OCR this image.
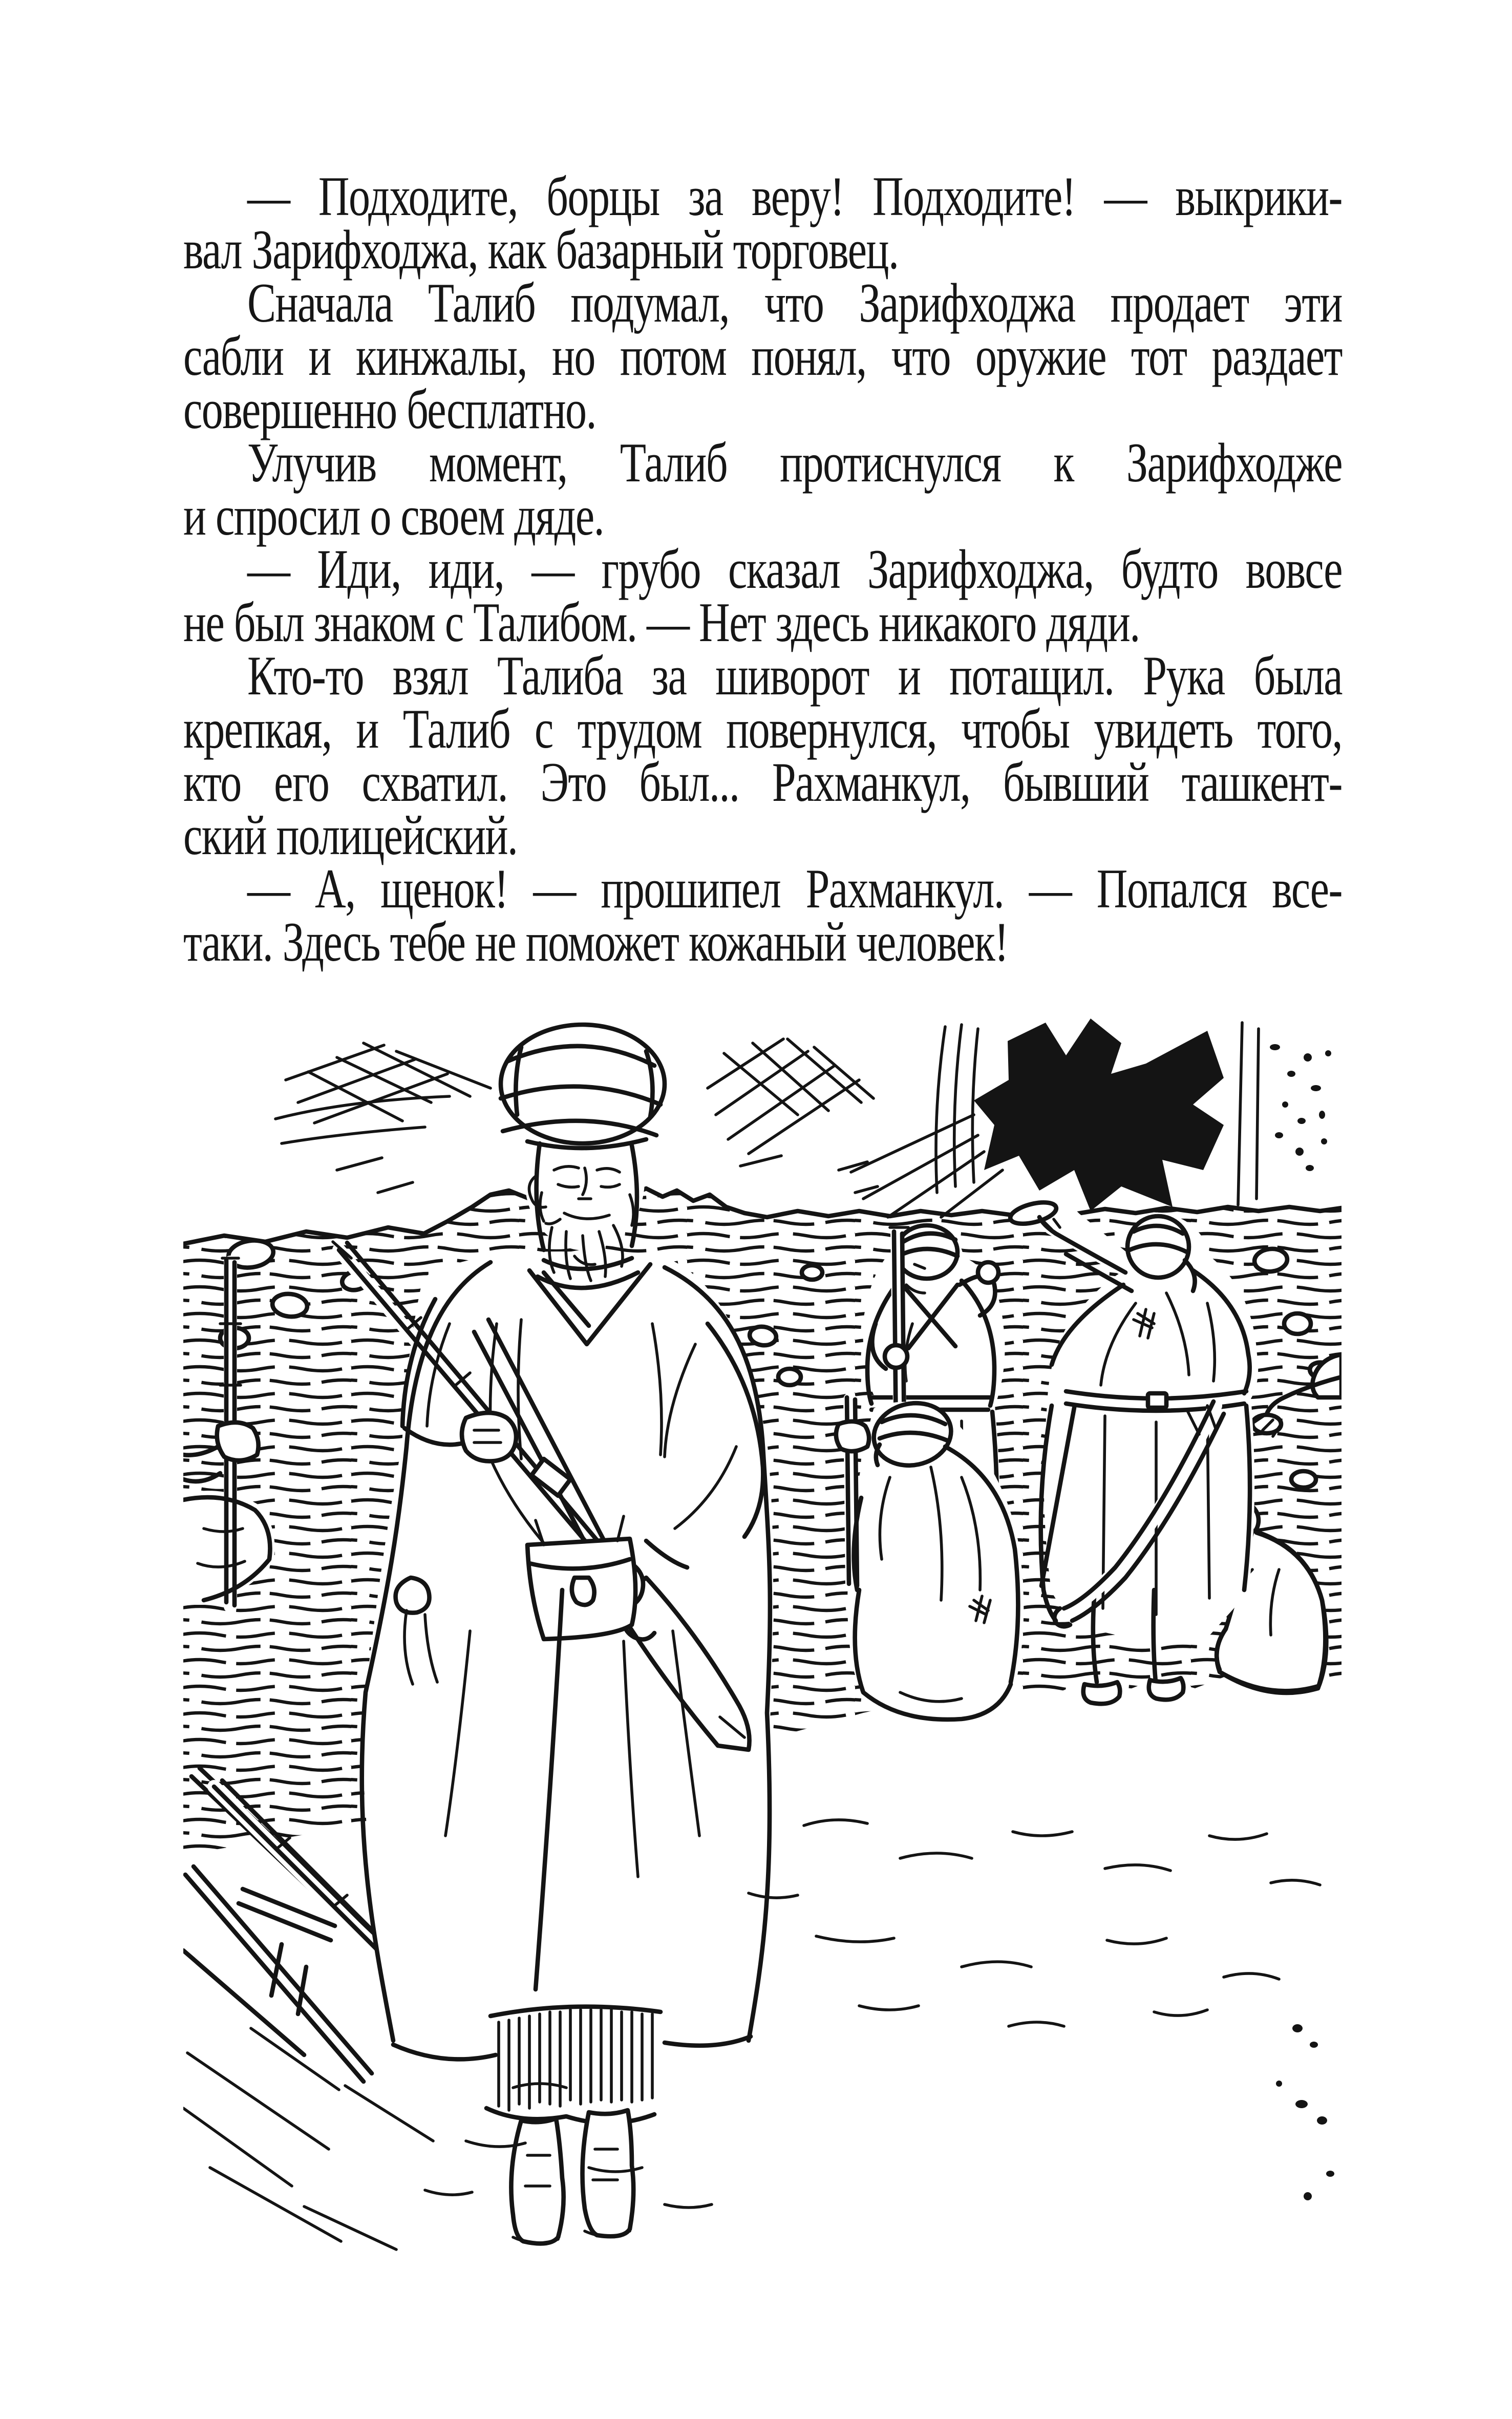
— Подходите, борцы за веру! Подходите! — выкрики-
вал Зарифходжа, как базарный торговец.
Сначала Талиб подумал, что Зарифходжа продает эти
сабли и кинжалы, но потом понял, что оружие тот раздает
совершенно бесплатно.
Улучив момент, Талиб протиснулся к Зарифходже
и спросил о своем дяде.
— Иди, иди, — грубо сказал Зарифходжа, будто вовсе
не был знаком с Талибом. — Нет здесь никакого дяди.
Кто-то взял Талиба за шиворот и потащил. Рука была
крепкая, и Талиб с трудом повернулся, чтобы увидеть того,
кто его схватил. Это был... Рахманкул, бывший ташкент-
ский полицейский.
— А, щенок! — прошипел Рахманкул. — Попался все-
таки. Здесь тебе не поможет кожаный человек!
